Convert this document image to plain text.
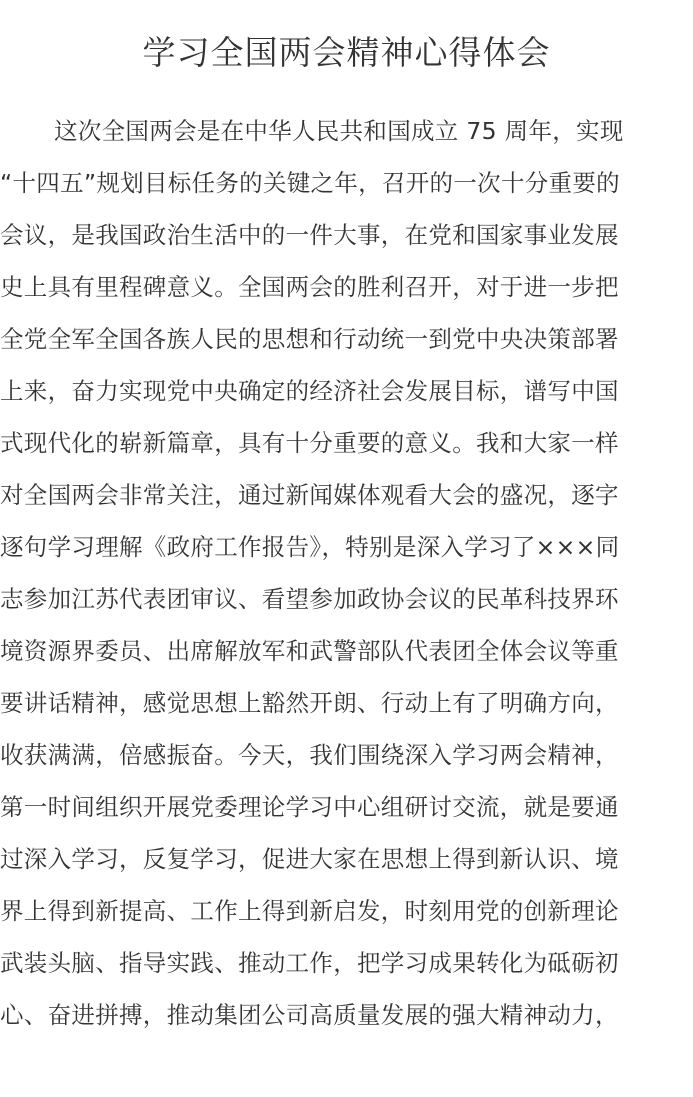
学习全国两会精神心得体会
这次全国两会是在中华人民共和国成立 75 周年，实现
“十四五”规划目标任务的关键之年，召开的一次十分重要的
会议，是我国政治生活中的一件大事，在党和国家事业发展
史上具有里程碑意义。全国两会的胜利召开，对于进一步把
全党全军全国各族人民的思想和行动统一到党中央决策部署
上来，奋力实现党中央确定的经济社会发展目标，谱写中国
式现代化的崭新篇章，具有十分重要的意义。我和大家一样
对全国两会非常关注，通过新闻媒体观看大会的盛况，逐字
逐句学习理解《政府工作报告》，特别是深入学习了×××同
志参加江苏代表团审议、看望参加政协会议的民革科技界环
境资源界委员、出席解放军和武警部队代表团全体会议等重
要讲话精神，感觉思想上豁然开朗、行动上有了明确方向，
收获满满，倍感振奋。今天，我们围绕深入学习两会精神，
第一时间组织开展党委理论学习中心组研讨交流，就是要通
过深入学习，反复学习，促进大家在思想上得到新认识、境
界上得到新提高、工作上得到新启发，时刻用党的创新理论
武装头脑、指导实践、推动工作，把学习成果转化为砥砺初
心、奋进拼搏，推动集团公司高质量发展的强大精神动力，
